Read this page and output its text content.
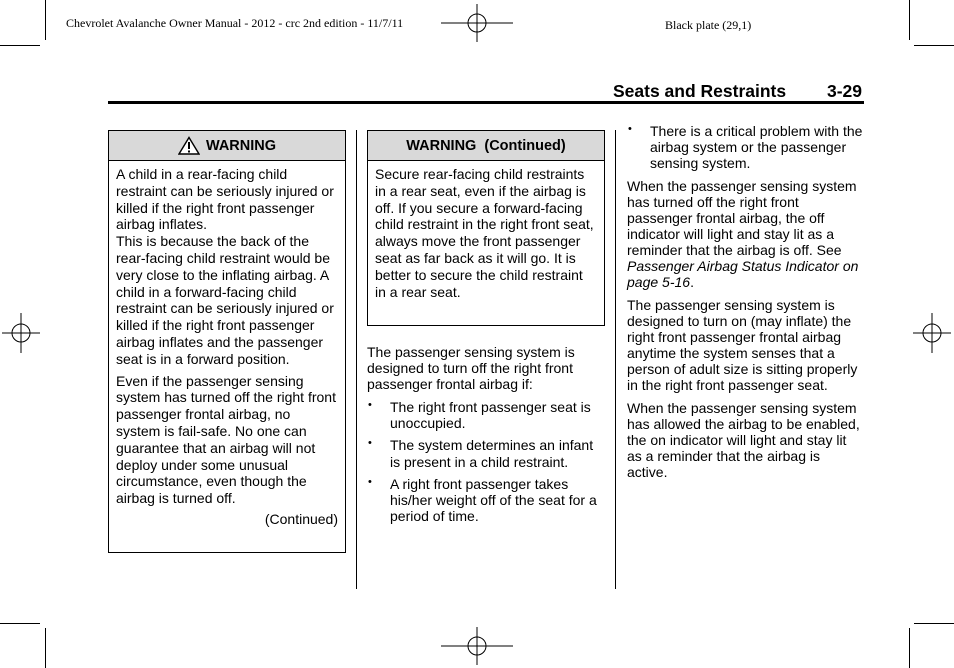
Chevrolet Avalanche Owner Manual - 2012 - crc 2nd edition - 11/7/11	Black plate (29,1)
Seats and Restraints 3-29
WARNING

A child in a rear-facing child restraint can be seriously injured or killed if the right front passenger airbag inflates.

This is because the back of the rear-facing child restraint would be very close to the inflating airbag. A child in a forward-facing child restraint can be seriously injured or killed if the right front passenger airbag inflates and the passenger seat is in a forward position.

Even if the passenger sensing system has turned off the right front passenger frontal airbag, no system is fail-safe. No one can guarantee that an airbag will not deploy under some unusual circumstance, even though the airbag is turned off.

(Continued)
WARNING  (Continued)

Secure rear-facing child restraints in a rear seat, even if the airbag is off. If you secure a forward-facing child restraint in the right front seat, always move the front passenger seat as far back as it will go. It is better to secure the child restraint in a rear seat.

The passenger sensing system is designed to turn off the right front passenger frontal airbag if:

• The right front passenger seat is unoccupied.
• The system determines an infant is present in a child restraint.
• A right front passenger takes his/her weight off of the seat for a period of time.
• There is a critical problem with the airbag system or the passenger sensing system.

When the passenger sensing system has turned off the right front passenger frontal airbag, the off indicator will light and stay lit as a reminder that the airbag is off. See Passenger Airbag Status Indicator on page 5-16.

The passenger sensing system is designed to turn on (may inflate) the right front passenger frontal airbag anytime the system senses that a person of adult size is sitting properly in the right front passenger seat.

When the passenger sensing system has allowed the airbag to be enabled, the on indicator will light and stay lit as a reminder that the airbag is active.
